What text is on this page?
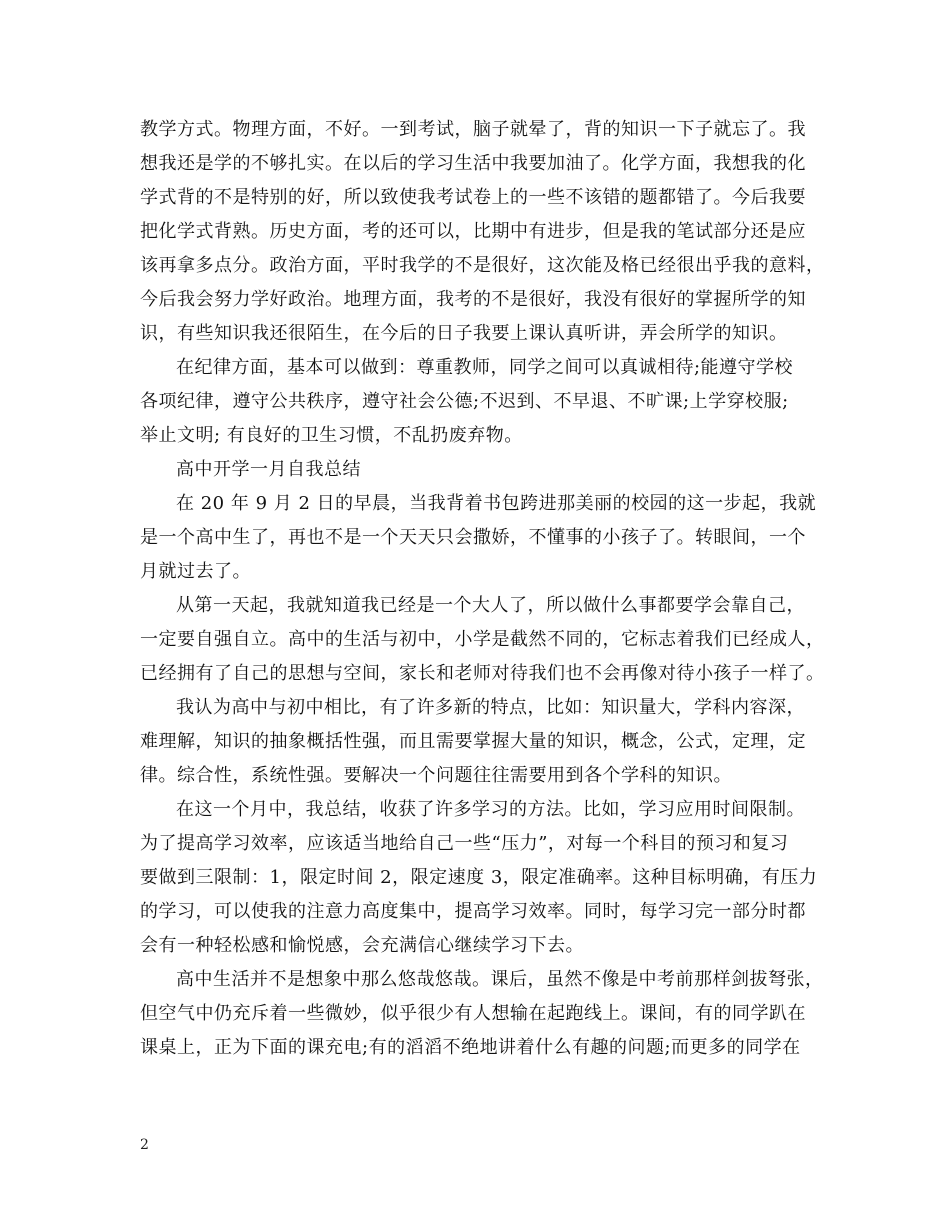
教学方式。物理方面，不好。一到考试，脑子就晕了，背的知识一下子就忘了。我
想我还是学的不够扎实。在以后的学习生活中我要加油了。化学方面，我想我的化
学式背的不是特别的好，所以致使我考试卷上的一些不该错的题都错了。今后我要
把化学式背熟。历史方面，考的还可以，比期中有进步，但是我的笔试部分还是应
该再拿多点分。政治方面，平时我学的不是很好，这次能及格已经很出乎我的意料，
今后我会努力学好政治。地理方面，我考的不是很好，我没有很好的掌握所学的知
识，有些知识我还很陌生，在今后的日子我要上课认真听讲，弄会所学的知识。
在纪律方面，基本可以做到：尊重教师，同学之间可以真诚相待;能遵守学校
各项纪律，遵守公共秩序，遵守社会公德;不迟到、不早退、不旷课;上学穿校服;
举止文明; 有良好的卫生习惯，不乱扔废弃物。
高中开学一月自我总结
在 20 年 9 月 2 日的早晨，当我背着书包跨进那美丽的校园的这一步起，我就
是一个高中生了，再也不是一个天天只会撒娇，不懂事的小孩子了。转眼间，一个
月就过去了。
从第一天起，我就知道我已经是一个大人了，所以做什么事都要学会靠自己，
一定要自强自立。高中的生活与初中，小学是截然不同的，它标志着我们已经成人，
已经拥有了自己的思想与空间，家长和老师对待我们也不会再像对待小孩子一样了。
我认为高中与初中相比，有了许多新的特点，比如：知识量大，学科内容深，
难理解，知识的抽象概括性强，而且需要掌握大量的知识，概念，公式，定理，定
律。综合性，系统性强。要解决一个问题往往需要用到各个学科的知识。
在这一个月中，我总结，收获了许多学习的方法。比如，学习应用时间限制。
为了提高学习效率，应该适当地给自己一些“压力”，对每一个科目的预习和复习
要做到三限制：1，限定时间 2，限定速度 3，限定准确率。这种目标明确，有压力
的学习，可以使我的注意力高度集中，提高学习效率。同时，每学习完一部分时都
会有一种轻松感和愉悦感，会充满信心继续学习下去。
高中生活并不是想象中那么悠哉悠哉。课后，虽然不像是中考前那样剑拔弩张，
但空气中仍充斥着一些微妙，似乎很少有人想输在起跑线上。课间，有的同学趴在
课桌上，正为下面的课充电;有的滔滔不绝地讲着什么有趣的问题;而更多的同学在
2
